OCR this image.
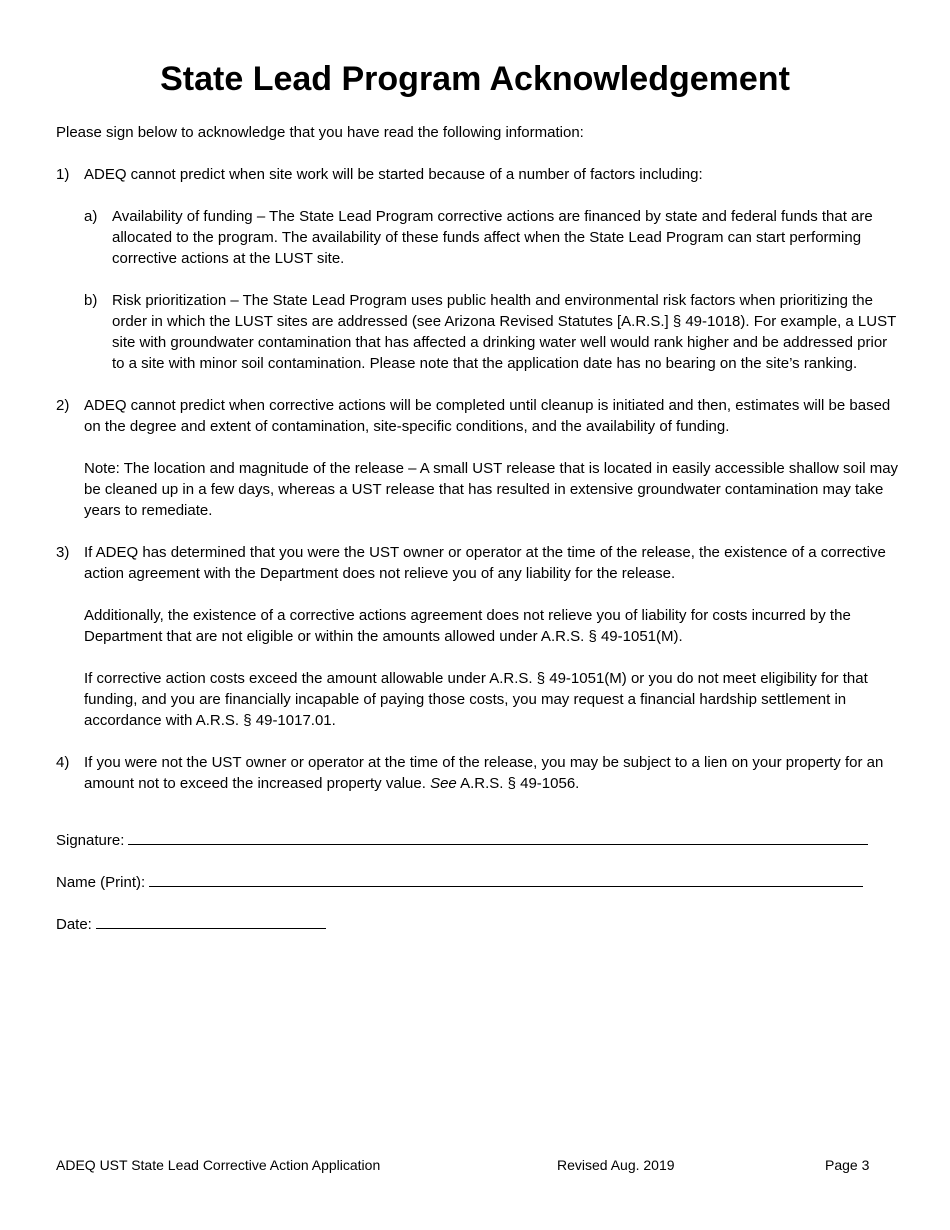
State Lead Program Acknowledgement

Please sign below to acknowledge that you have read the following information:

1) ADEQ cannot predict when site work will be started because of a number of factors including:

a) Availability of funding – The State Lead Program corrective actions are financed by state and federal funds that are allocated to the program. The availability of these funds affect when the State Lead Program can start performing corrective actions at the LUST site.
b) Risk prioritization – The State Lead Program uses public health and environmental risk factors when prioritizing the order in which the LUST sites are addressed (see Arizona Revised Statutes [A.R.S.] § 49-1018). For example, a LUST site with groundwater contamination that has affected a drinking water well would rank higher and be addressed prior to a site with minor soil contamination. Please note that the application date has no bearing on the site’s ranking.
2) ADEQ cannot predict when corrective actions will be completed until cleanup is initiated and then, estimates will be based on the degree and extent of contamination, site-specific conditions, and the availability of funding.

Note: The location and magnitude of the release – A small UST release that is located in easily accessible shallow soil may be cleaned up in a few days, whereas a UST release that has resulted in extensive groundwater contamination may take years to remediate.

3) If ADEQ has determined that you were the UST owner or operator at the time of the release, the existence of a corrective action agreement with the Department does not relieve you of any liability for the release.

Additionally, the existence of a corrective actions agreement does not relieve you of liability for costs incurred by the Department that are not eligible or within the amounts allowed under A.R.S. § 49-1051(M).

If corrective action costs exceed the amount allowable under A.R.S. § 49-1051(M) or you do not meet eligibility for that funding, and you are financially incapable of paying those costs, you may request a financial hardship settlement in accordance with A.R.S. § 49-1017.01.

4) If you were not the UST owner or operator at the time of the release, you may be subject to a lien on your property for an amount not to exceed the increased property value. See A.R.S. § 49-1056.

Signature:
Name (Print):
Date:
ADEQ UST State Lead Corrective Action Application	Revised Aug. 2019	Page 3
